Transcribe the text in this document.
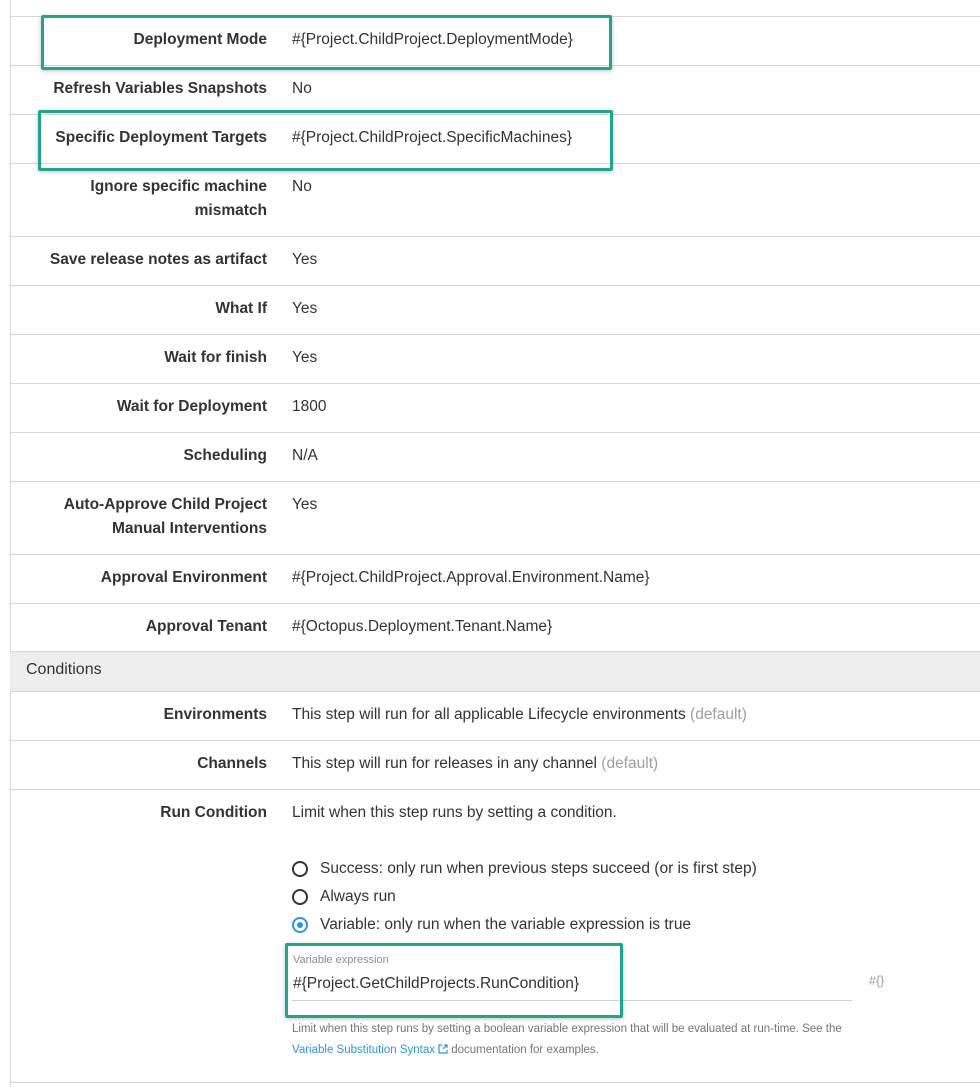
Deployment Mode #{Project.ChildProject.DeploymentMode}
Refresh Variables Snapshots No
Specific Deployment Targets #{Project.ChildProject.SpecificMachines}
Ignore specific machine
mismatch
No
Save release notes as artifact Yes
What If Yes
Wait for finish Yes
Wait for Deployment 1800
Scheduling N/A
Auto-Approve Child Project
Manual Interventions
Yes
Approval Environment #{Project.ChildProject.Approval.Environment.Name}
Approval Tenant #{Octopus.Deployment.Tenant.Name}
Conditions
Environments This step will run for all applicable Lifecycle environments (default)
Channels This step will run for releases in any channel (default)
Run Condition Limit when this step runs by setting a condition.
Success: only run when previous steps succeed (or is first step)
Always run
Variable: only run when the variable expression is true
Variable expression
#{Project.GetChildProjects.RunCondition}	#{}
Limit when this step runs by setting a boolean variable expression that will be evaluated at run-time. See the
Variable Substitution Syntax documentation for examples.
